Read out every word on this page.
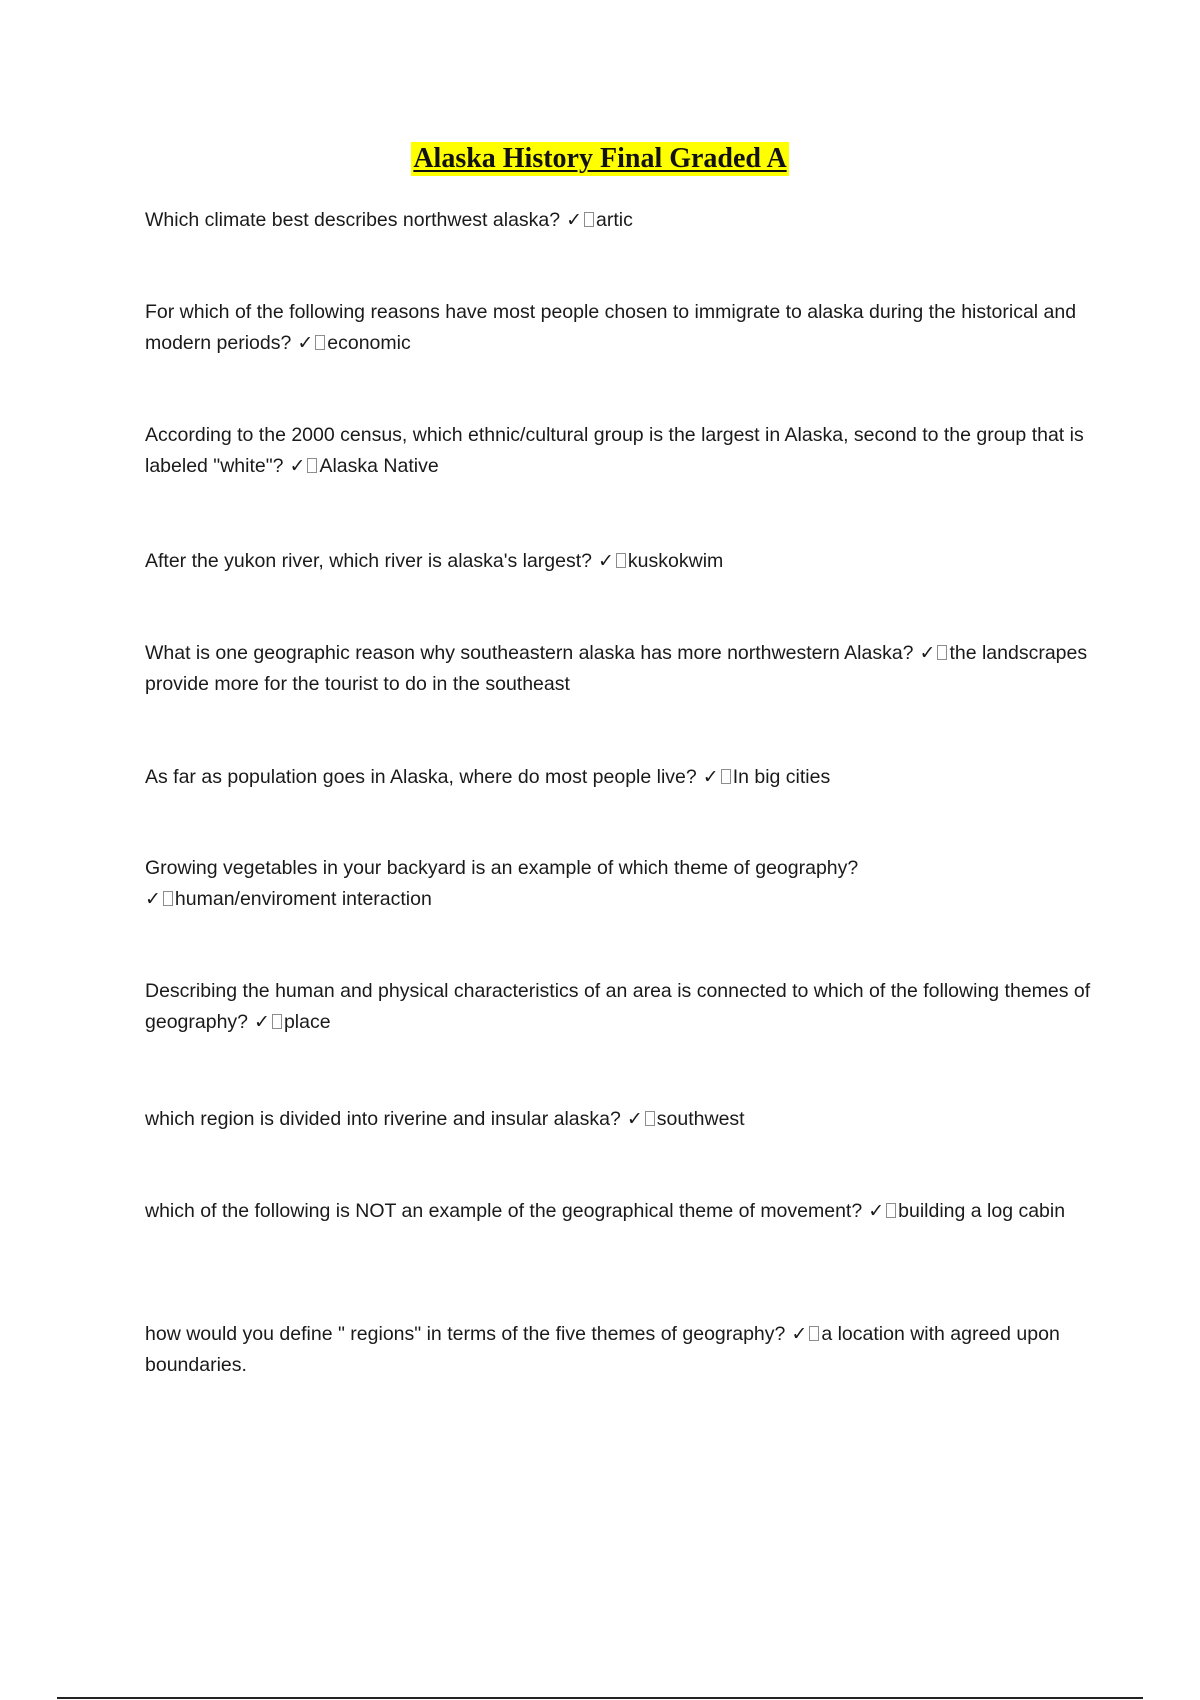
Alaska History Final Graded A
Which climate best describes northwest alaska? ✓ artic
For which of the following reasons have most people chosen to immigrate to alaska during the historical and modern periods? ✓ economic
According to the 2000 census, which ethnic/cultural group is the largest in Alaska, second to the group that is labeled "white"? ✓ Alaska Native
After the yukon river, which river is alaska's largest? ✓ kuskokwim
What is one geographic reason why southeastern alaska has more northwestern Alaska? ✓ the landscrapes provide more for the tourist to do in the southeast
As far as population goes in Alaska, where do most people live? ✓ In big cities
Growing vegetables in your backyard is an example of which theme of geography?
✓ human/enviroment interaction
Describing the human and physical characteristics of an area is connected to which of the following themes of geography? ✓ place
which region is divided into riverine and insular alaska? ✓ southwest
which of the following is NOT an example of the geographical theme of movement? ✓ building a log cabin
how would you define " regions" in terms of the five themes of geography? ✓ a location with agreed upon boundaries.
